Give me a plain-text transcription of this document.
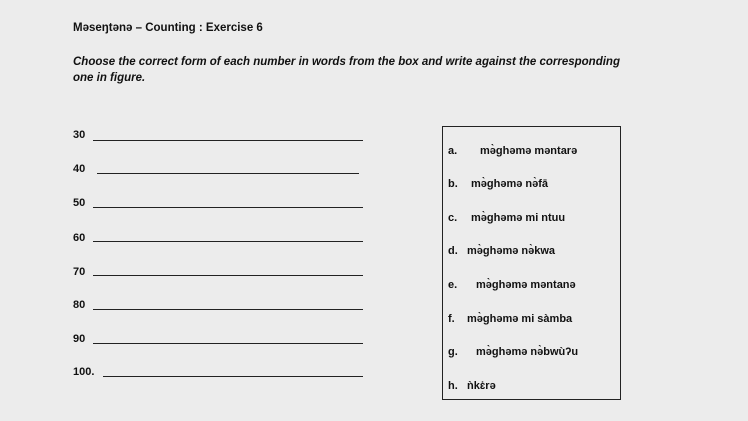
Məseŋtənə – Counting : Exercise 6
Choose the correct form of each number in words from the box and write against the corresponding one in figure.
30
40
50
60
70
80
90
100.
a. mə̀ghəmə məntarə
b. mə̀ghəmə nə̀fā
c. mə̀ghəmə mi ntuu
d. mə̀ghəmə nə̀kwa
e. mə̀ghəmə məntanə
f. mə̀ghəmə mi sàmba
g. mə̀ghəmə nə̀bwùʔu
h. ǹkɛ̇rə
